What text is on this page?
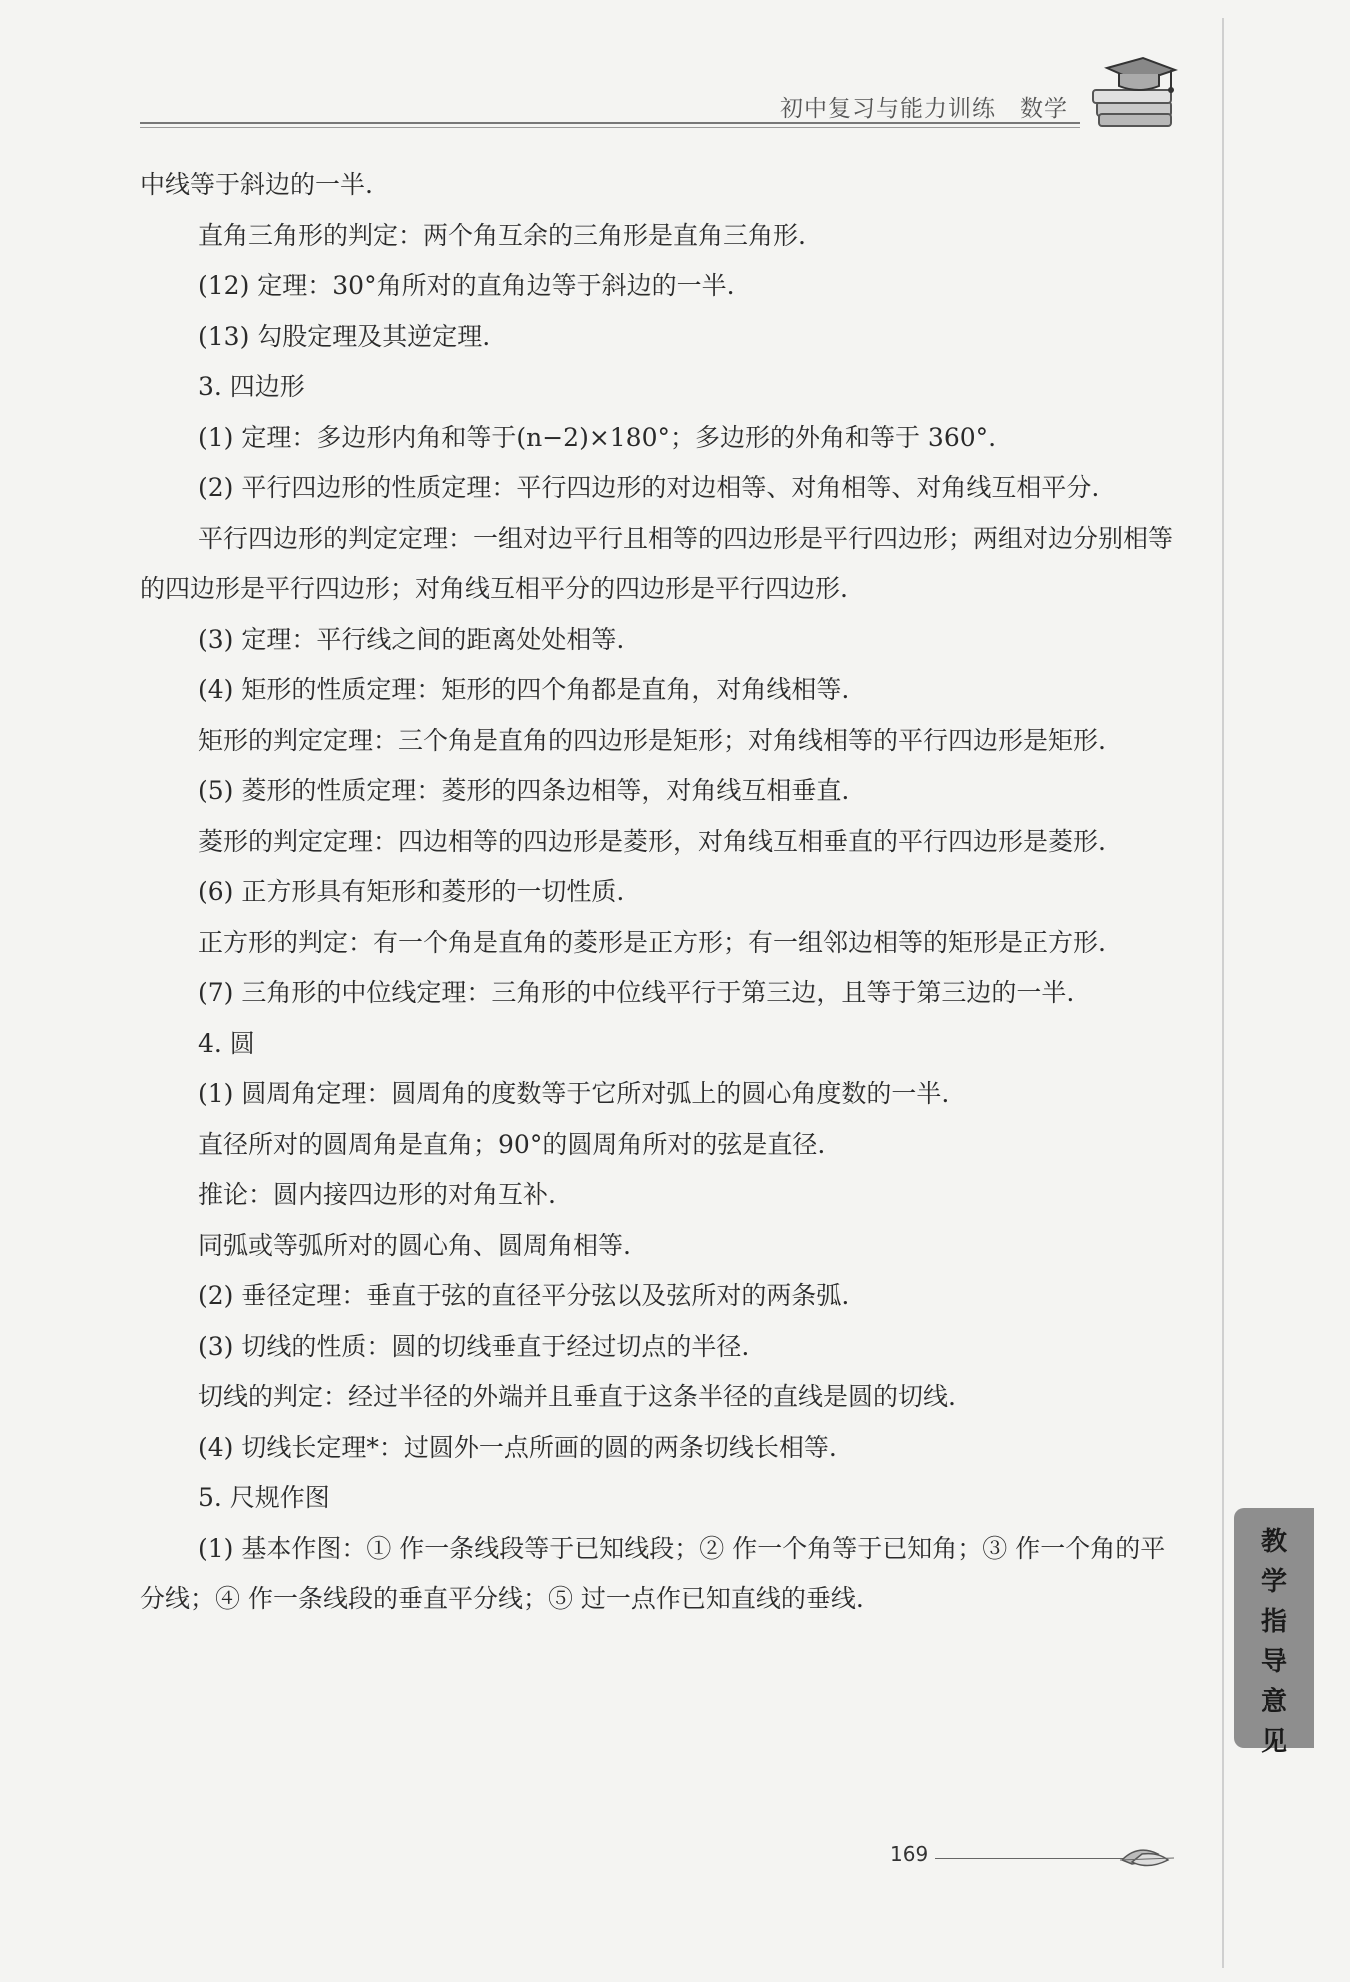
初中复习与能力训练　数学

中线等于斜边的一半.

直角三角形的判定：两个角互余的三角形是直角三角形.

(12) 定理：30°角所对的直角边等于斜边的一半.

(13) 勾股定理及其逆定理.

3. 四边形

(1) 定理：多边形内角和等于(n−2)×180°；多边形的外角和等于 360°.

(2) 平行四边形的性质定理：平行四边形的对边相等、对角相等、对角线互相平分.

平行四边形的判定定理：一组对边平行且相等的四边形是平行四边形；两组对边分别相等的四边形是平行四边形；对角线互相平分的四边形是平行四边形.

(3) 定理：平行线之间的距离处处相等.

(4) 矩形的性质定理：矩形的四个角都是直角，对角线相等.

矩形的判定定理：三个角是直角的四边形是矩形；对角线相等的平行四边形是矩形.

(5) 菱形的性质定理：菱形的四条边相等，对角线互相垂直.

菱形的判定定理：四边相等的四边形是菱形，对角线互相垂直的平行四边形是菱形.

(6) 正方形具有矩形和菱形的一切性质.

正方形的判定：有一个角是直角的菱形是正方形；有一组邻边相等的矩形是正方形.

(7) 三角形的中位线定理：三角形的中位线平行于第三边，且等于第三边的一半.

4. 圆

(1) 圆周角定理：圆周角的度数等于它所对弧上的圆心角度数的一半.

直径所对的圆周角是直角；90°的圆周角所对的弦是直径.

推论：圆内接四边形的对角互补.

同弧或等弧所对的圆心角、圆周角相等.

(2) 垂径定理：垂直于弦的直径平分弦以及弦所对的两条弧.

(3) 切线的性质：圆的切线垂直于经过切点的半径.

切线的判定：经过半径的外端并且垂直于这条半径的直线是圆的切线.

(4) 切线长定理*：过圆外一点所画的圆的两条切线长相等.

5. 尺规作图

(1) 基本作图：① 作一条线段等于已知线段；② 作一个角等于已知角；③ 作一个角的平分线；④ 作一条线段的垂直平分线；⑤ 过一点作已知直线的垂线.

教
学
指
导
意
见
169
